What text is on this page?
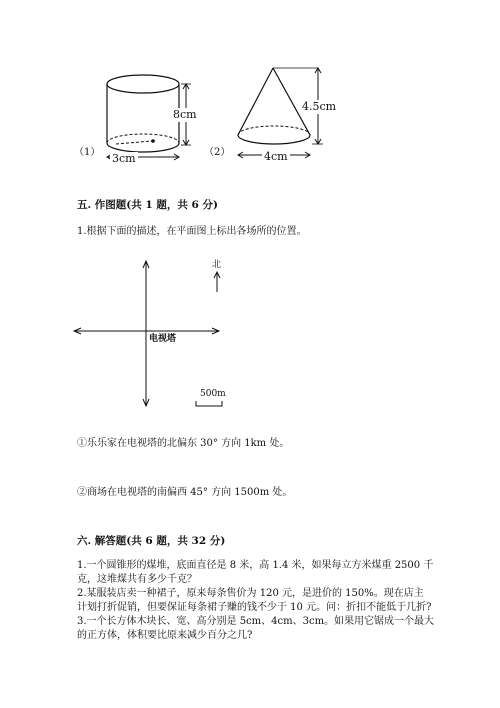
（1）
8cm
3cm	（2）
4.5cm
4cm
五. 作图题(共 1 题，共 6 分)
1.根据下面的描述，在平面图上标出各场所的位置。
北
电视塔
500m
①乐乐家在电视塔的北偏东 30° 方向 1km 处。
②商场在电视塔的南偏西 45° 方向 1500m 处。
六. 解答题(共 6 题，共 32 分)
1.一个圆锥形的煤堆，底面直径是 8 米，高 1.4 米，如果每立方米煤重 2500 千
克，这堆煤共有多少千克？
2.某服装店卖一种裙子，原来每条售价为 120 元，是进价的 150%。现在店主
计划打折促销，但要保证每条裙子赚的钱不少于 10 元。问：折扣不能低于几折?
3.一个长方体木块长、宽、高分别是 5cm、4cm、3cm。如果用它锯成一个最大
的正方体，体积要比原来减少百分之几?
